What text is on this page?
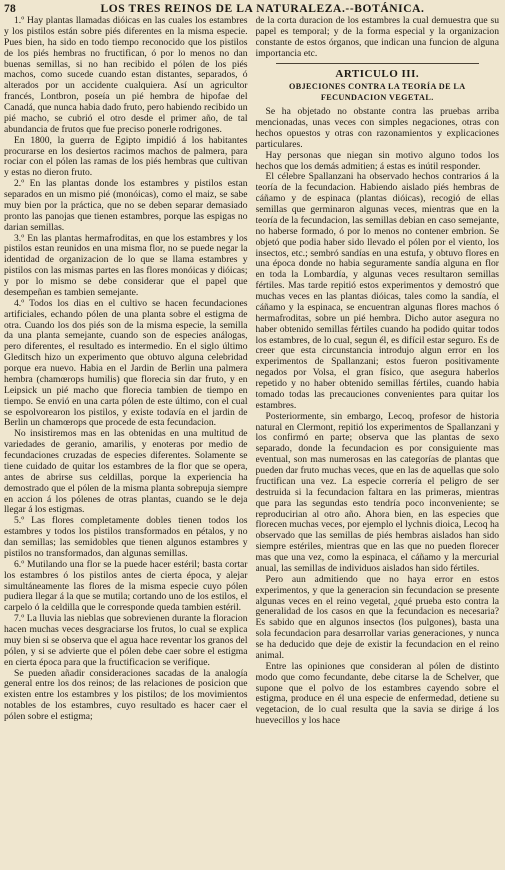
78	LOS TRES REINOS DE LA NATURALEZA.--BOTÁNICA.

1.º Hay plantas llamadas dióicas en las cuales los estambres y los pistilos están sobre piés diferentes en la misma especie. Pues bien, ha sido en todo tiempo reconocido que los pistilos de los piés hembras no fructifican, ó por lo menos no dan buenas semillas, si no han recibido el pólen de los piés machos, como sucede cuando estan distantes, separados, ó alterados por un accidente cualquiera. Así un agricultor francés, Lontbron, poseía un pié hembra de hipofae del Canadá, que nunca habia dado fruto, pero habiendo recibido un pié macho, se cubrió el otro desde el primer año, de tal abundancia de frutos que fue preciso ponerle rodrigones.

En 1800, la guerra de Egipto impidió á los habitantes procurarse en los desiertos racimos machos de palmera, para rociar con el pólen las ramas de los piés hembras que cultivan y estas no dieron fruto.

2.º En las plantas donde los estambres y pistilos estan separados en un mismo pié (monóicas), como el maiz, se sabe muy bien por la práctica, que no se deben separar demasiado pronto las panojas que tienen estambres, porque las espigas no darian semillas.

3.º En las plantas hermafroditas, en que los estambres y los pistilos estan reunidos en una misma flor, no se puede negar la identidad de organizacion de lo que se llama estambres y pistilos con las mismas partes en las flores monóicas y dióicas; y por lo mismo se debe considerar que el papel que desempeñan es tambien semejante.

4.º Todos los dias en el cultivo se hacen fecundaciones artificiales, echando pólen de una planta sobre el estigma de otra. Cuando los dos piés son de la misma especie, la semilla da una planta semejante, cuando son de especies análogas, pero diferentes, el resultado es intermedio. En el siglo último Gleditsch hizo un experimento que obtuvo alguna celebridad porque era nuevo. Habia en el Jardin de Berlin una palmera hembra (chamœrops humilis) que florecia sin dar fruto, y en Leipsick un pié macho que florecia tambien de tiempo en tiempo. Se envió en una carta pólen de este último, con el cual se espolvorearon los pistilos, y existe todavía en el jardin de Berlin un chamœrops que procede de esta fecundacion.

No insistiremos mas en las obtenidas en una multitud de variedades de geranio, amarilis, y enoteras por medio de fecundaciones cruzadas de especies diferentes. Solamente se tiene cuidado de quitar los estambres de la flor que se opera, antes de abrirse sus celdillas, porque la experiencia ha demostrado que el pólen de la misma planta sobrepuja siempre en accion á los pólenes de otras plantas, cuando se le deja llegar á los estigmas.

5.º Las flores completamente dobles tienen todos los estambres y todos los pistilos transformados en pétalos, y no dan semillas; las semidobles que tienen algunos estambres y pistilos no transformados, dan algunas semillas.

6.º Mutilando una flor se la puede hacer estéril; basta cortar los estambres ó los pistilos antes de cierta época, y alejar simultáneamente las flores de la misma especie cuyo pólen pudiera llegar á la que se mutila; cortando uno de los estilos, el carpelo ó la celdilla que le corresponde queda tambien estéril.

7.º La lluvia las nieblas que sobrevienen durante la floracion hacen muchas veces desgraciarse los frutos, lo cual se explica muy bien si se observa que el agua hace reventar los granos del pólen, y si se advierte que el pólen debe caer sobre el estigma en cierta época para que la fructificacion se verifique.

Se pueden añadir consideraciones sacadas de la analogía general entre los dos reinos; de las relaciones de posicion que existen entre los estambres y los pistilos; de los movimientos notables de los estambres, cuyo resultado es hacer caer el pólen sobre el estigma;

de la corta duracion de los estambres la cual demuestra que su papel es temporal; y de la forma especial y la organizacion constante de estos órganos, que indican una funcion de alguna importancia etc.

ARTICULO III.
OBJECIONES CONTRA LA TEORÍA DE LA FECUNDACION VEGETAL.

Se ha objetado no obstante contra las pruebas arriba mencionadas, unas veces con simples negaciones, otras con hechos opuestos y otras con razonamientos y explicaciones particulares.

Hay personas que niegan sin motivo alguno todos los hechos que los demás admitien; á estas es inútil responder.

El célebre Spallanzani ha observado hechos contrarios á la teoría de la fecundacion. Habiendo aislado piés hembras de cáñamo y de espinaca (plantas dióicas), recogió de ellas semillas que germinaron algunas veces, mientras que en la teoría de la fecundacion, las semillas debian en caso semejante, no haberse formado, ó por lo menos no contener embrion. Se objetó que podia haber sido llevado el pólen por el viento, los insectos, etc.; sembró sandías en una estufa, y obtuvo flores en una época donde no habia seguramente sandía alguna en flor en toda la Lombardía, y algunas veces resultaron semillas fértiles. Mas tarde repitió estos experimentos y demostró que muchas veces en las plantas dióicas, tales como la sandía, el cáñamo y la espinaca, se encuentran algunas flores machos ó hermafroditas, sobre un pié hembra. Dicho autor asegura no haber obtenido semillas fértiles cuando ha podido quitar todos los estambres, de lo cual, segun él, es difícil estar seguro. Es de creer que esta circunstancia introdujo algun error en los experimentos de Spallanzani; estos fueron positivamente negados por Volsa, el gran físico, que asegura haberlos repetido y no haber obtenido semillas fértiles, cuando habia tomado todas las precauciones convenientes para quitar los estambres.

Posteriormente, sin embargo, Lecoq, profesor de historia natural en Clermont, repitió los experimentos de Spallanzani y los confirmó en parte; observa que las plantas de sexo separado, donde la fecundacion es por consiguiente mas eventual, son mas numerosas en las categorías de plantas que pueden dar fruto muchas veces, que en las de aquellas que solo fructifican una vez. La especie correría el peligro de ser destruida si la fecundacion faltara en las primeras, mientras que para las segundas esto tendría poco inconveniente; se reproducirian al otro año. Ahora bien, en las especies que florecen muchas veces, por ejemplo el lychnis dioica, Lecoq ha observado que las semillas de piés hembras aislados han sido siempre estériles, mientras que en las que no pueden florecer mas que una vez, como la espinaca, el cáñamo y la mercurial anual, las semillas de individuos aislados han sido fértiles.

Pero aun admitiendo que no haya error en estos experimentos, y que la generacion sin fecundacion se presente algunas veces en el reino vegetal, ¿qué prueba esto contra la generalidad de los casos en que la fecundacion es necesaria? Es sabido que en algunos insectos (los pulgones), basta una sola fecundacion para desarrollar varias generaciones, y nunca se ha deducido que deje de existir la fecundacion en el reino animal.

Entre las opiniones que consideran al pólen de distinto modo que como fecundante, debe citarse la de Schelver, que supone que el polvo de los estambres cayendo sobre el estigma, produce en él una especie de enfermedad, detiene su vegetacion, de lo cual resulta que la savia se dirige á los huevecillos y los hace
